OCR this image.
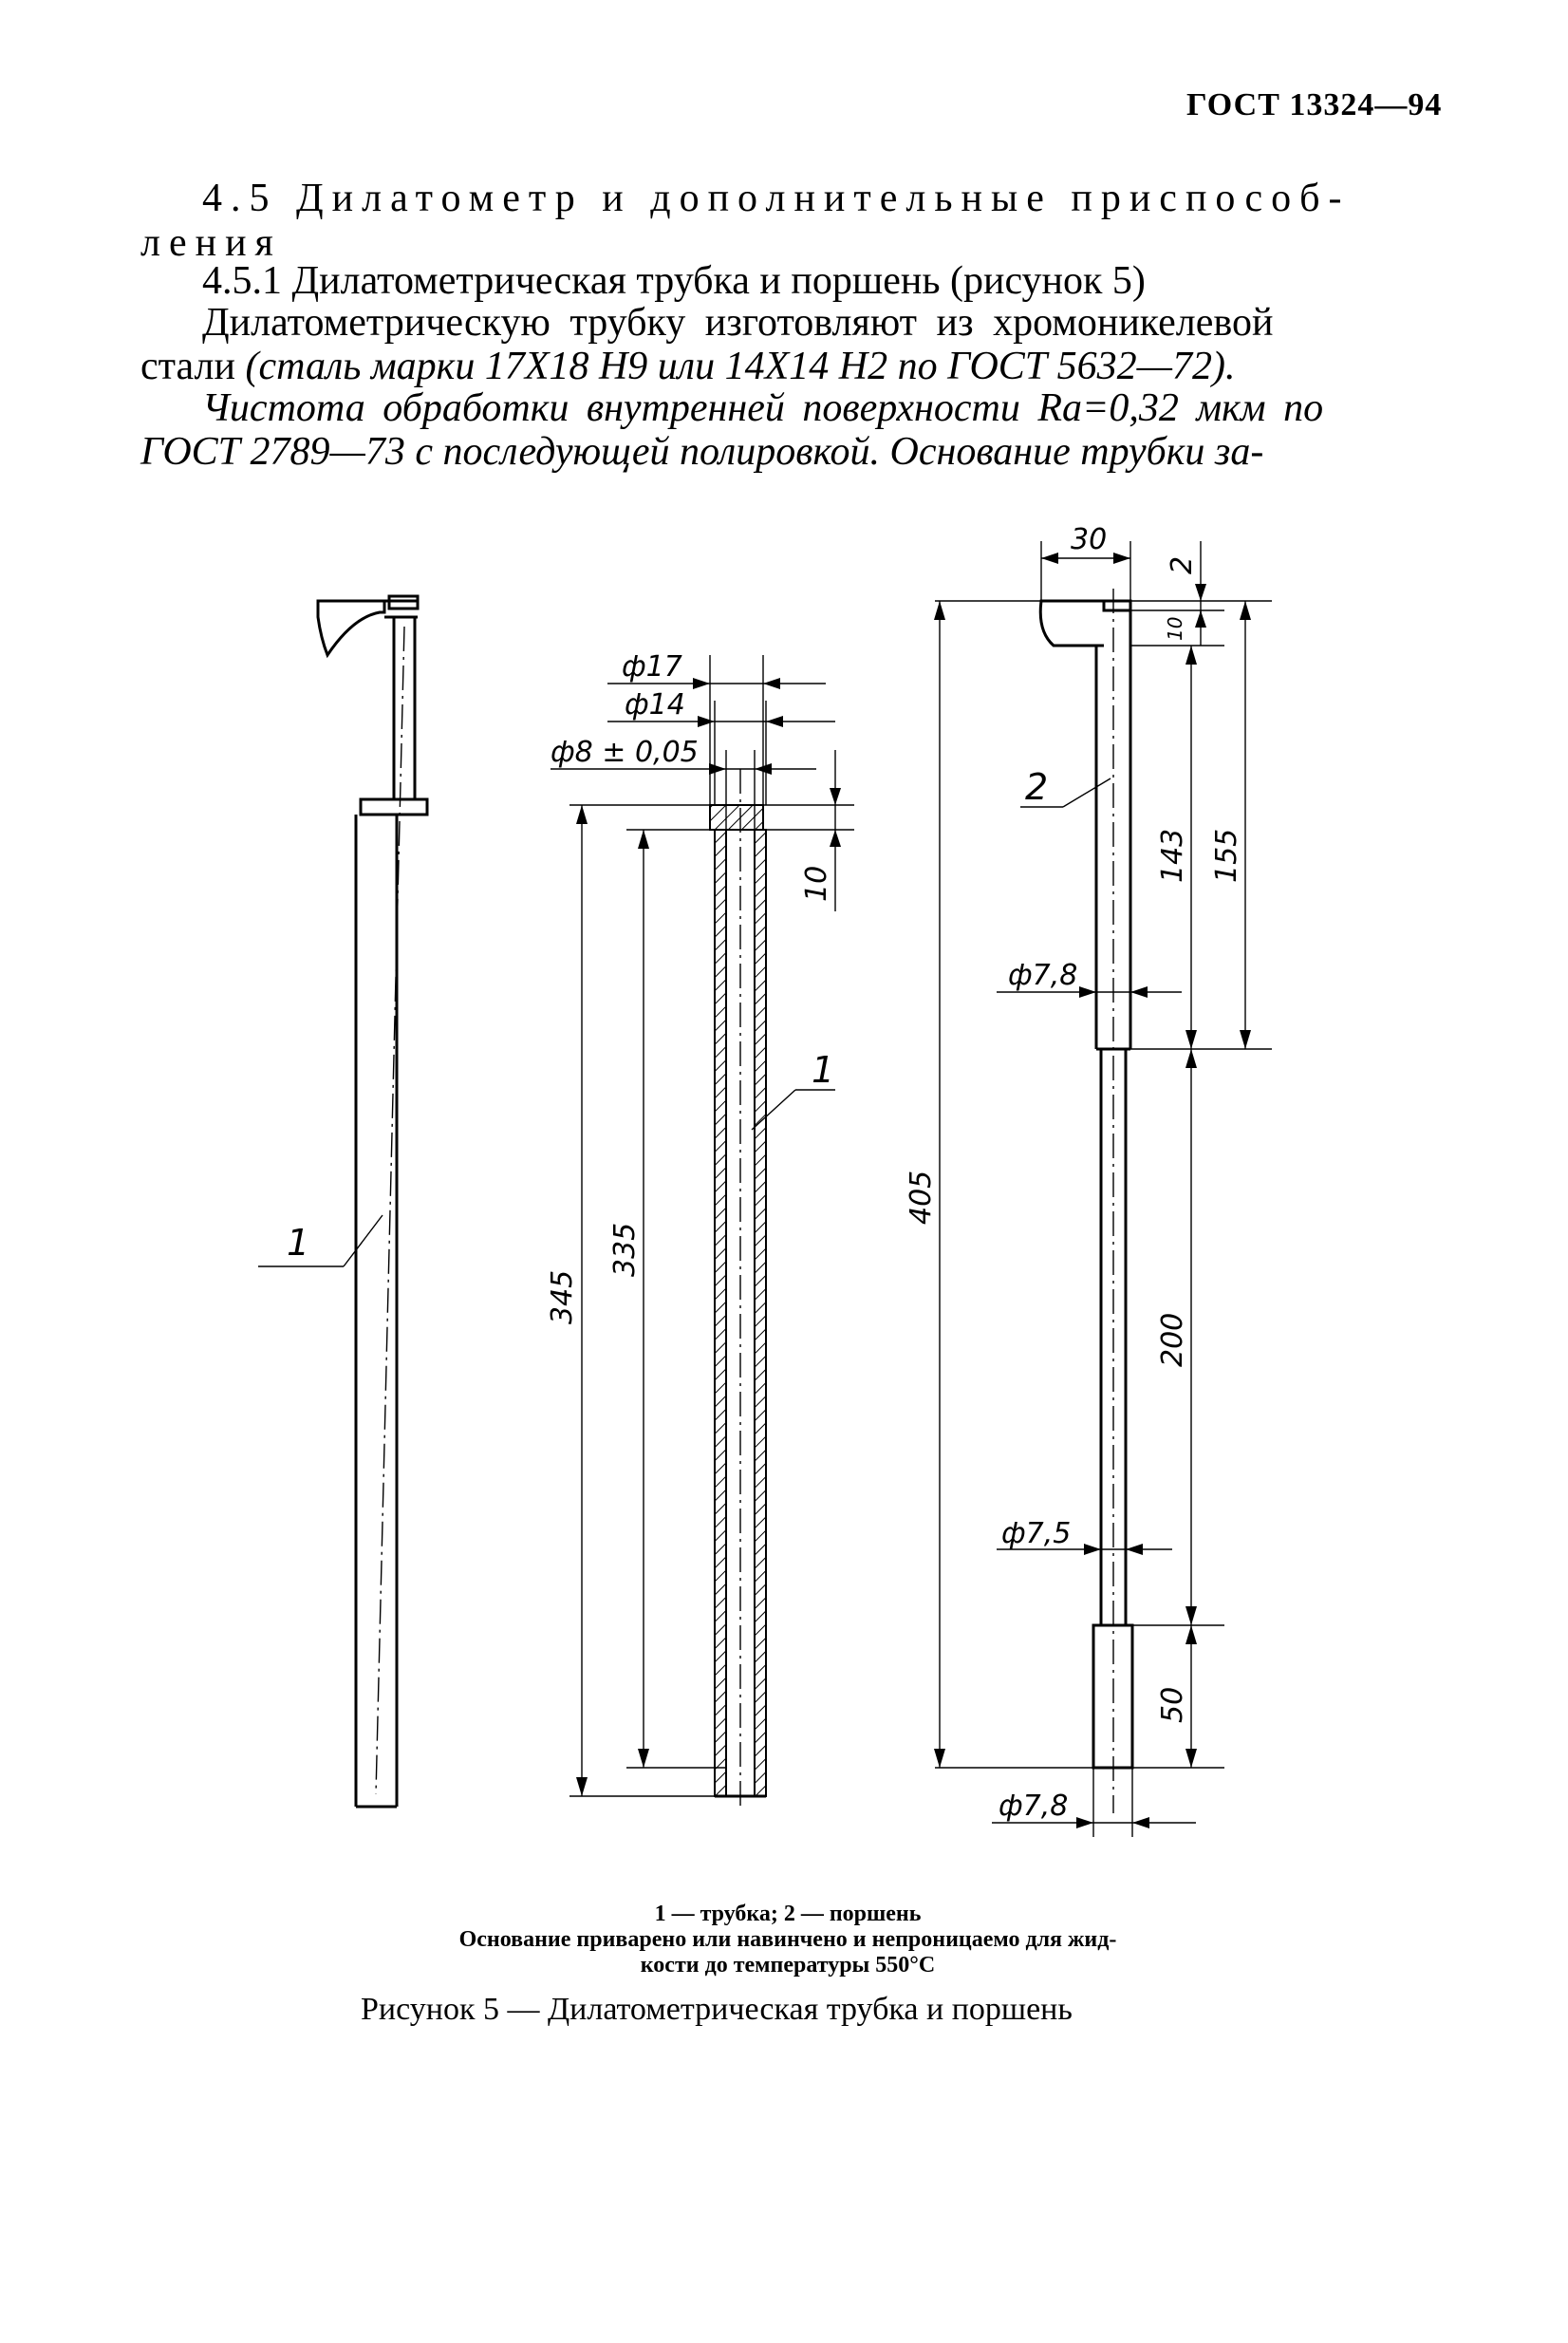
ГОСТ 13324—94
4.5 Дилатометр и дополнительные приспособ-
ления
4.5.1 Дилатометрическая трубка и поршень (рисунок 5)
Дилатометрическую трубку изготовляют из хромоникелевой
стали (сталь марки 17Х18 Н9 или 14Х14 Н2 по ГОСТ 5632—72).
Чистота обработки внутренней поверхности Ra=0,32 мкм по
ГОСТ 2789—73 с последующей полировкой. Основание трубки за-
ф17
ф14
ф8 ± 0,05
10
345
335
30
2
10
143 155
ф7,8
405
200
ф7,5
50
ф7,8
1
1
2
1 — трубка; 2 — поршень
Основание приварено или навинчено и непроницаемо для жид-
кости до температуры 550°С
Рисунок 5 — Дилатометрическая трубка и поршень
